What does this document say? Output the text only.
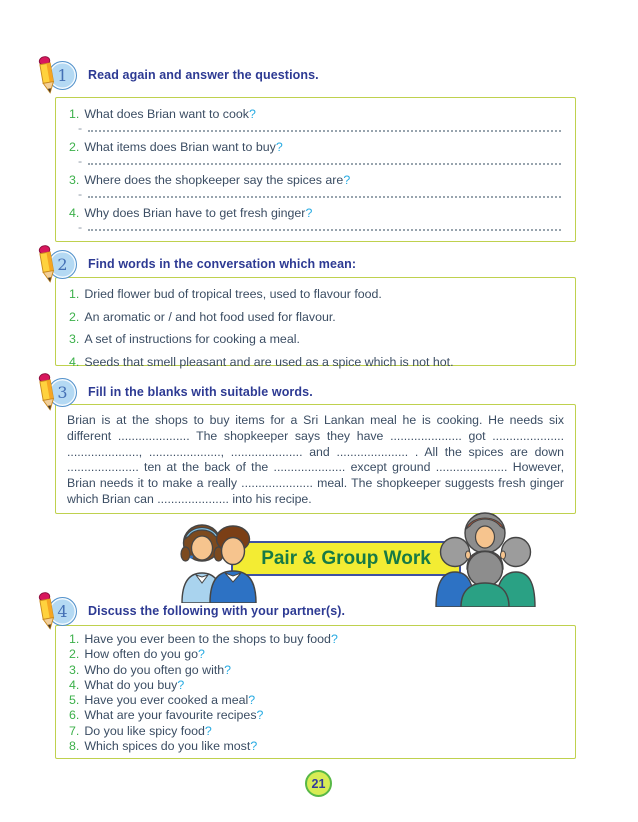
1 Read again and answer the questions.
1. What does Brian want to cook?
-
2. What items does Brian want to buy?
-
3. Where does the shopkeeper say the spices are?
-
4. Why does Brian have to get fresh ginger?
-
2 Find words in the conversation which mean:
1. Dried flower bud of tropical trees, used to flavour food.
2. An aromatic or / and hot food used for flavour.
3. A set of instructions for cooking a meal.
4. Seeds that smell pleasant and are used as a spice which is not hot.
3 Fill in the blanks with suitable words.

Brian is at the shops to buy items for a Sri Lankan meal he is cooking. He needs six different ..................... The shopkeeper says they have ..................... got ..................... ....................., ....................., ..................... and ..................... . All the spices are down ..................... ten at the back of the ..................... except ground ..................... However, Brian needs it to make a really ..................... meal. The shopkeeper suggests fresh ginger which Brian can ..................... into his recipe.

Pair & Group Work
4 Discuss the following with your partner(s).
1. Have you ever been to the shops to buy food?
2. How often do you go?
3. Who do you often go with?
4. What do you buy?
5. Have you ever cooked a meal?
6. What are your favourite recipes?
7. Do you like spicy food?
8. Which spices do you like most?
21
